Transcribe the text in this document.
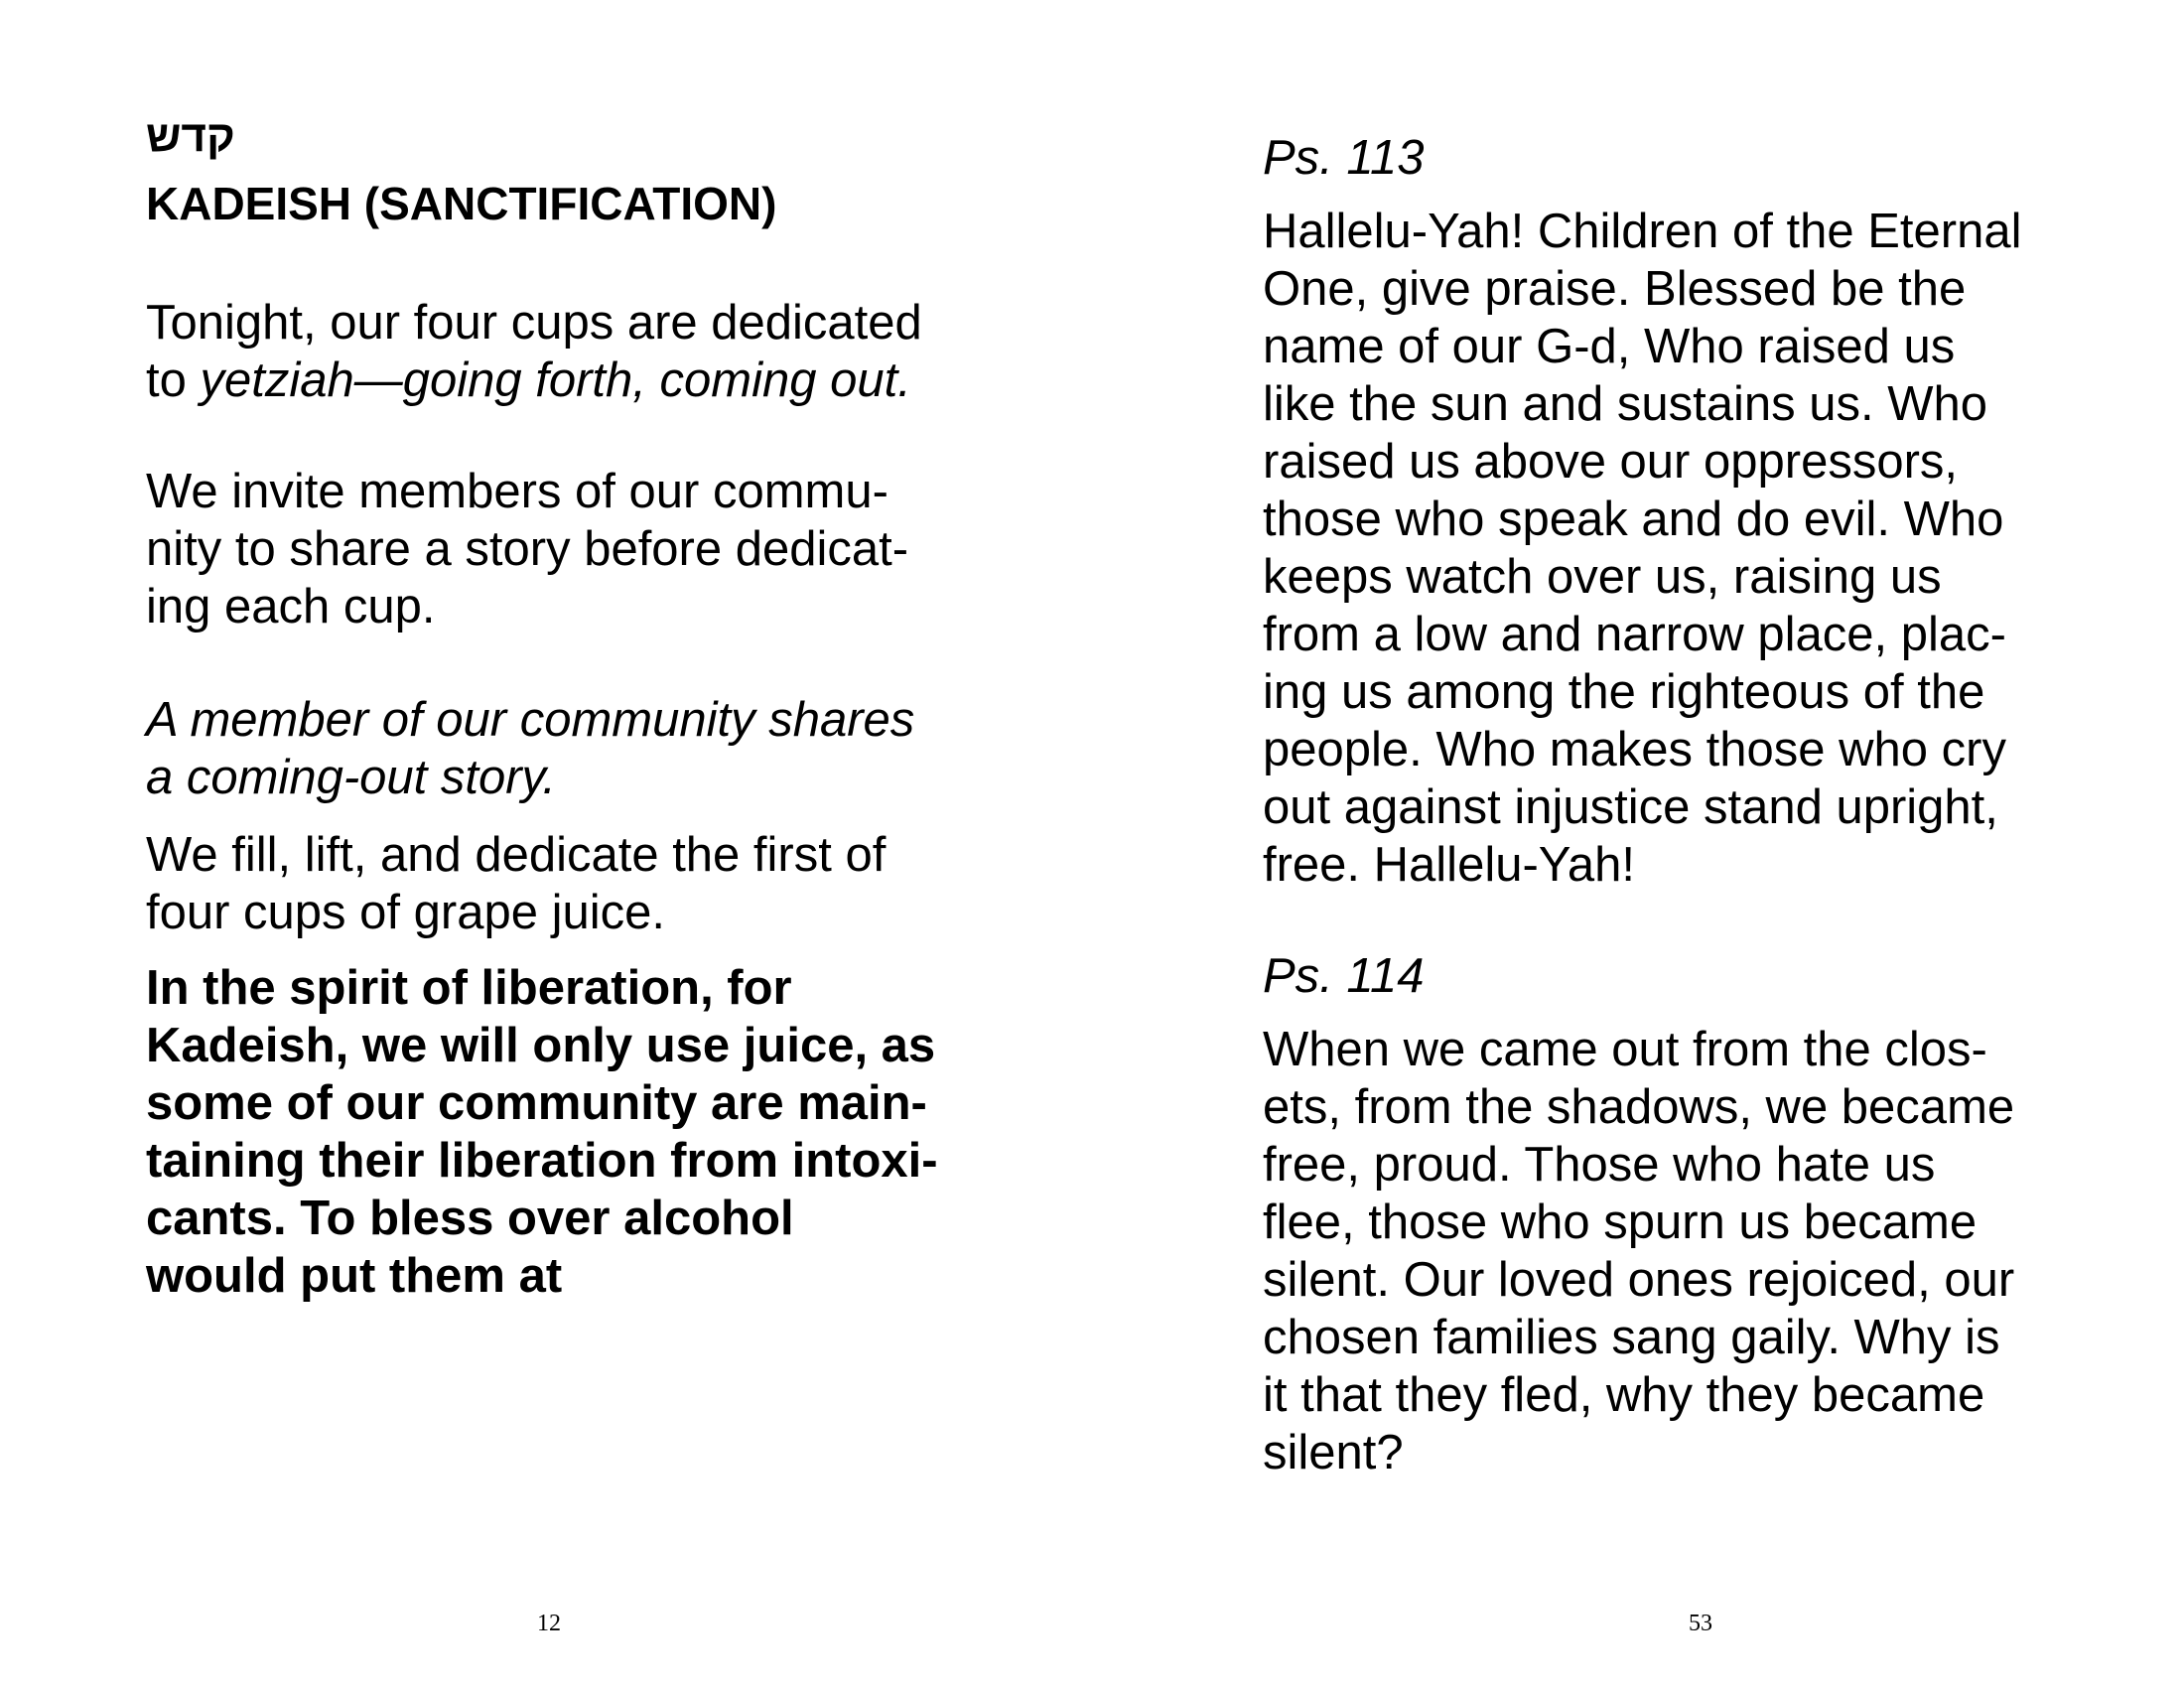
קדש

KADEISH (SANCTIFICATION)

Tonight, our four cups are dedicated
to yetziah—going forth, coming out.

We invite members of our commu-
nity to share a story before dedicat-
ing each cup.

A member of our community shares
a coming-out story.

We fill, lift, and dedicate the first of
four cups of grape juice.

In the spirit of liberation, for
Kadeish, we will only use juice, as
some of our community are main-
taining their liberation from intoxi-
cants. To bless over alcohol
would put them at

12

Ps. 113

Hallelu-Yah! Children of the Eternal
One, give praise. Blessed be the
name of our G-d, Who raised us
like the sun and sustains us. Who
raised us above our oppressors,
those who speak and do evil. Who
keeps watch over us, raising us
from a low and narrow place, plac-
ing us among the righteous of the
people. Who makes those who cry
out against injustice stand upright,
free. Hallelu-Yah!

Ps. 114

When we came out from the clos-
ets, from the shadows, we became
free, proud. Those who hate us
flee, those who spurn us became
silent. Our loved ones rejoiced, our
chosen families sang gaily. Why is
it that they fled, why they became
silent?

53
